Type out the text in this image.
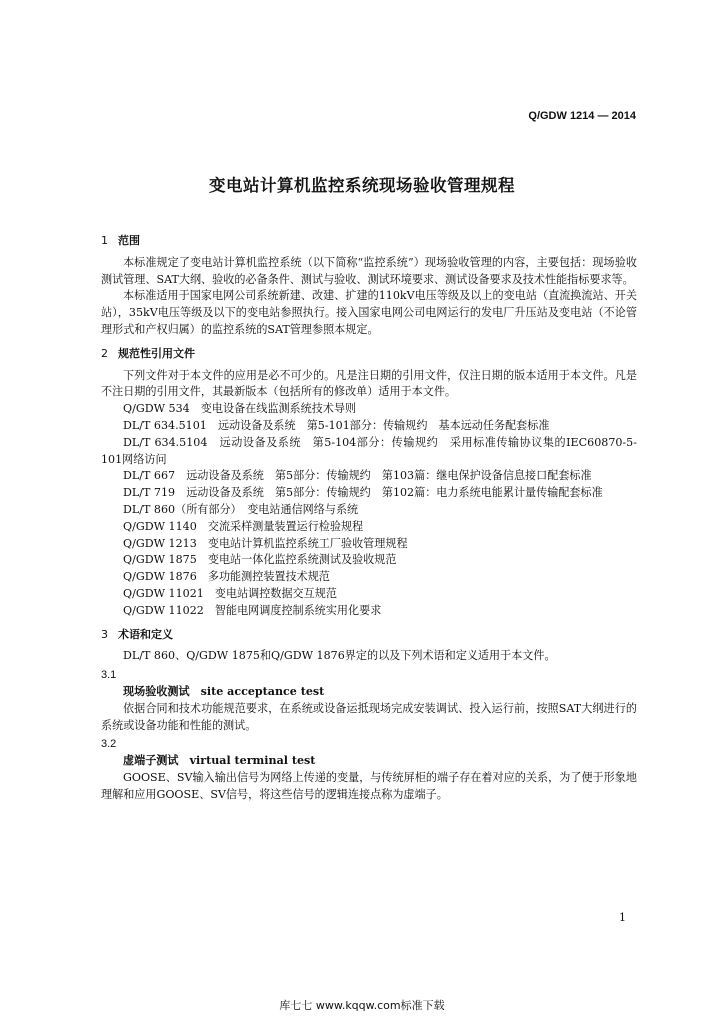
Q/GDW 1214 — 2014
变电站计算机监控系统现场验收管理规程
1 范围

本标准规定了变电站计算机监控系统（以下简称“监控系统”）现场验收管理的内容，主要包括：现场验收测试管理、SAT大纲、验收的必备条件、测试与验收、测试环境要求、测试设备要求及技术性能指标要求等。

本标准适用于国家电网公司系统新建、改建、扩建的110kV电压等级及以上的变电站（直流换流站、开关站），35kV电压等级及以下的变电站参照执行。接入国家电网公司电网运行的发电厂升压站及变电站（不论管理形式和产权归属）的监控系统的SAT管理参照本规定。

2 规范性引用文件

下列文件对于本文件的应用是必不可少的。凡是注日期的引用文件，仅注日期的版本适用于本文件。凡是不注日期的引用文件，其最新版本（包括所有的修改单）适用于本文件。

Q/GDW 534　变电设备在线监测系统技术导则
DL/T 634.5101　远动设备及系统　第5-101部分：传输规约　基本远动任务配套标准

DL/T 634.5104　远动设备及系统　第5-104部分：传输规约　采用标准传输协议集的IEC60870-5-101网络访问

DL/T 667　远动设备及系统　第5部分：传输规约　第103篇：继电保护设备信息接口配套标准

DL/T 719　远动设备及系统　第5部分：传输规约　第102篇：电力系统电能累计量传输配套标准

DL/T 860（所有部分）　变电站通信网络与系统
Q/GDW 1140　交流采样测量装置运行检验规程
Q/GDW 1213　变电站计算机监控系统工厂验收管理规程
Q/GDW 1875　变电站一体化监控系统测试及验收规范
Q/GDW 1876　多功能测控装置技术规范
Q/GDW 11021　变电站调控数据交互规范
Q/GDW 11022　智能电网调度控制系统实用化要求
3 术语和定义

DL/T 860、Q/GDW 1875和Q/GDW 1876界定的以及下列术语和定义适用于本文件。

3.1
现场验收测试　site acceptance test

依据合同和技术功能规范要求，在系统或设备运抵现场完成安装调试、投入运行前，按照SAT大纲进行的系统或设备功能和性能的测试。

3.2
虚端子测试　virtual terminal test

GOOSE、SV输入输出信号为网络上传递的变量，与传统屏柜的端子存在着对应的关系，为了便于形象地理解和应用GOOSE、SV信号，将这些信号的逻辑连接点称为虚端子。

1
库七七 www.kqqw.com标准下载
